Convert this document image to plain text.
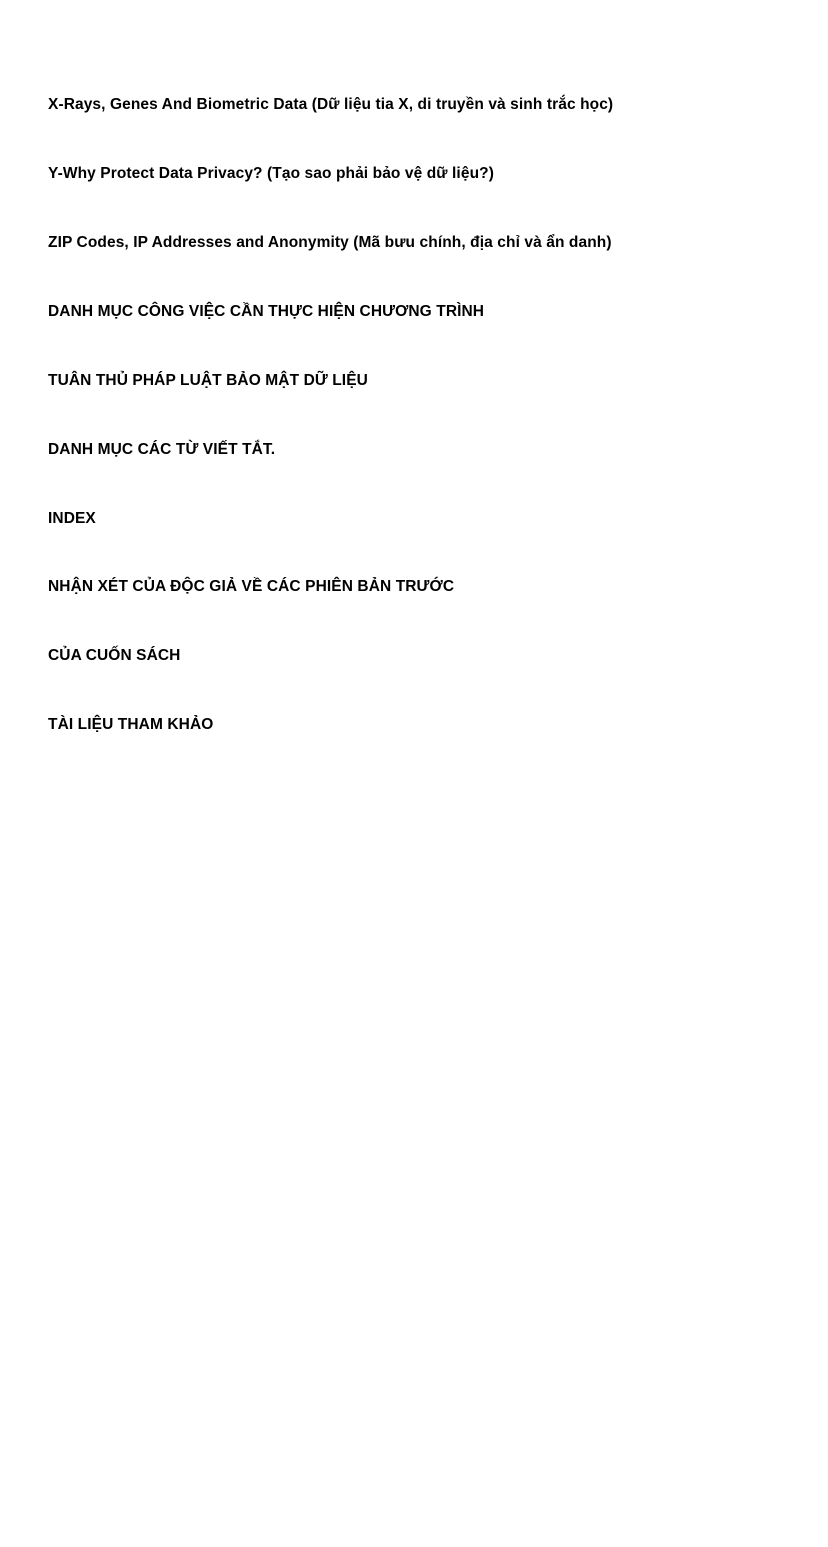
X-Rays, Genes And Biometric Data (Dữ liệu tia X, di truyền và sinh trắc học)
Y-Why Protect Data Privacy? (Tạo sao phải bảo vệ dữ liệu?)
ZIP Codes, IP Addresses and Anonymity (Mã bưu chính, địa chỉ và ẩn danh)
DANH MỤC CÔNG VIỆC CẦN THỰC HIỆN CHƯƠNG TRÌNH
TUÂN THỦ PHÁP LUẬT BẢO MẬT DỮ LIỆU
DANH MỤC CÁC TỪ VIẾT TẮT.
INDEX
NHẬN XÉT CỦA ĐỘC GIẢ VỀ CÁC PHIÊN BẢN TRƯỚC
CỦA CUỐN SÁCH
TÀI LIỆU THAM KHẢO
